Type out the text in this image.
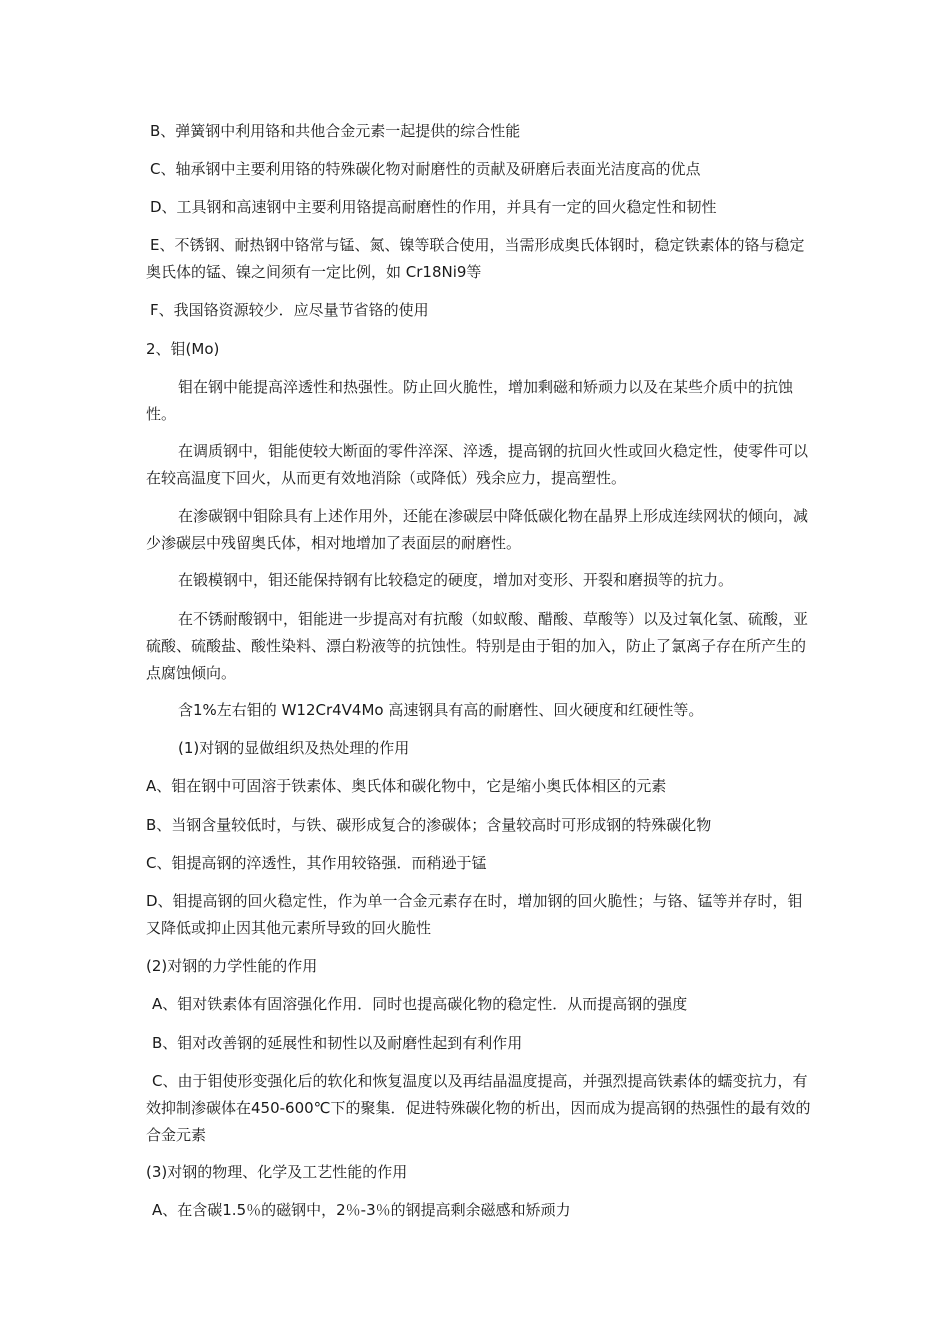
B、弹簧钢中利用铬和共他合金元素一起提供的综合性能

C、轴承钢中主要利用铬的特殊碳化物对耐磨性的贡献及研磨后表面光洁度高的优点

D、工具钢和高速钢中主要利用铬提高耐磨性的作用，并具有一定的回火稳定性和韧性

E、不锈钢、耐热钢中铬常与锰、氮、镍等联合使用，当需形成奥氏体钢时，稳定铁素体的铬与稳定奥氏体的锰、镍之间须有一定比例，如 Cr18Ni9等

F、我国铬资源较少．应尽量节省铬的使用

2、钼(Mo)

钼在钢中能提高淬透性和热强性。防止回火脆性，增加剩磁和矫顽力以及在某些介质中的抗蚀性。

在调质钢中，钼能使较大断面的零件淬深、淬透，提高钢的抗回火性或回火稳定性，使零件可以在较高温度下回火，从而更有效地消除（或降低）残余应力，提高塑性。

在渗碳钢中钼除具有上述作用外，还能在渗碳层中降低碳化物在晶界上形成连续网状的倾向，减少渗碳层中残留奥氏体，相对地增加了表面层的耐磨性。

在锻模钢中，钼还能保持钢有比较稳定的硬度，增加对变形、开裂和磨损等的抗力。

在不锈耐酸钢中，钼能进一步提高对有抗酸（如蚁酸、醋酸、草酸等）以及过氧化氢、硫酸，亚硫酸、硫酸盐、酸性染料、漂白粉液等的抗蚀性。特别是由于钼的加入，防止了氯离子存在所产生的点腐蚀倾向。

含1%左右钼的 W12Cr4V4Mo 高速钢具有高的耐磨性、回火硬度和红硬性等。

(1)对钢的显做组织及热处理的作用

A、钼在钢中可固溶于铁素体、奥氏体和碳化物中，它是缩小奥氏体相区的元素

B、当钢含量较低时，与铁、碳形成复合的渗碳体；含量较高时可形成钢的特殊碳化物

C、钼提高钢的淬透性，其作用较铬强．而稍逊于锰

D、钼提高钢的回火稳定性，作为单一合金元素存在时，增加钢的回火脆性；与铬、锰等并存时，钼又降低或抑止因其他元素所导致的回火脆性

(2)对钢的力学性能的作用

A、钼对铁素体有固溶强化作用．同时也提高碳化物的稳定性．从而提高钢的强度

B、钼对改善钢的延展性和韧性以及耐磨性起到有利作用

C、由于钼使形变强化后的软化和恢复温度以及再结晶温度提高，并强烈提高铁素体的蠕变抗力，有效抑制渗碳体在450-600℃下的聚集．促进特殊碳化物的析出，因而成为提高钢的热强性的最有效的合金元素

(3)对钢的物理、化学及工艺性能的作用

A、在含碳1.5％的磁钢中，2％-3％的钢提高剩余磁感和矫顽力
